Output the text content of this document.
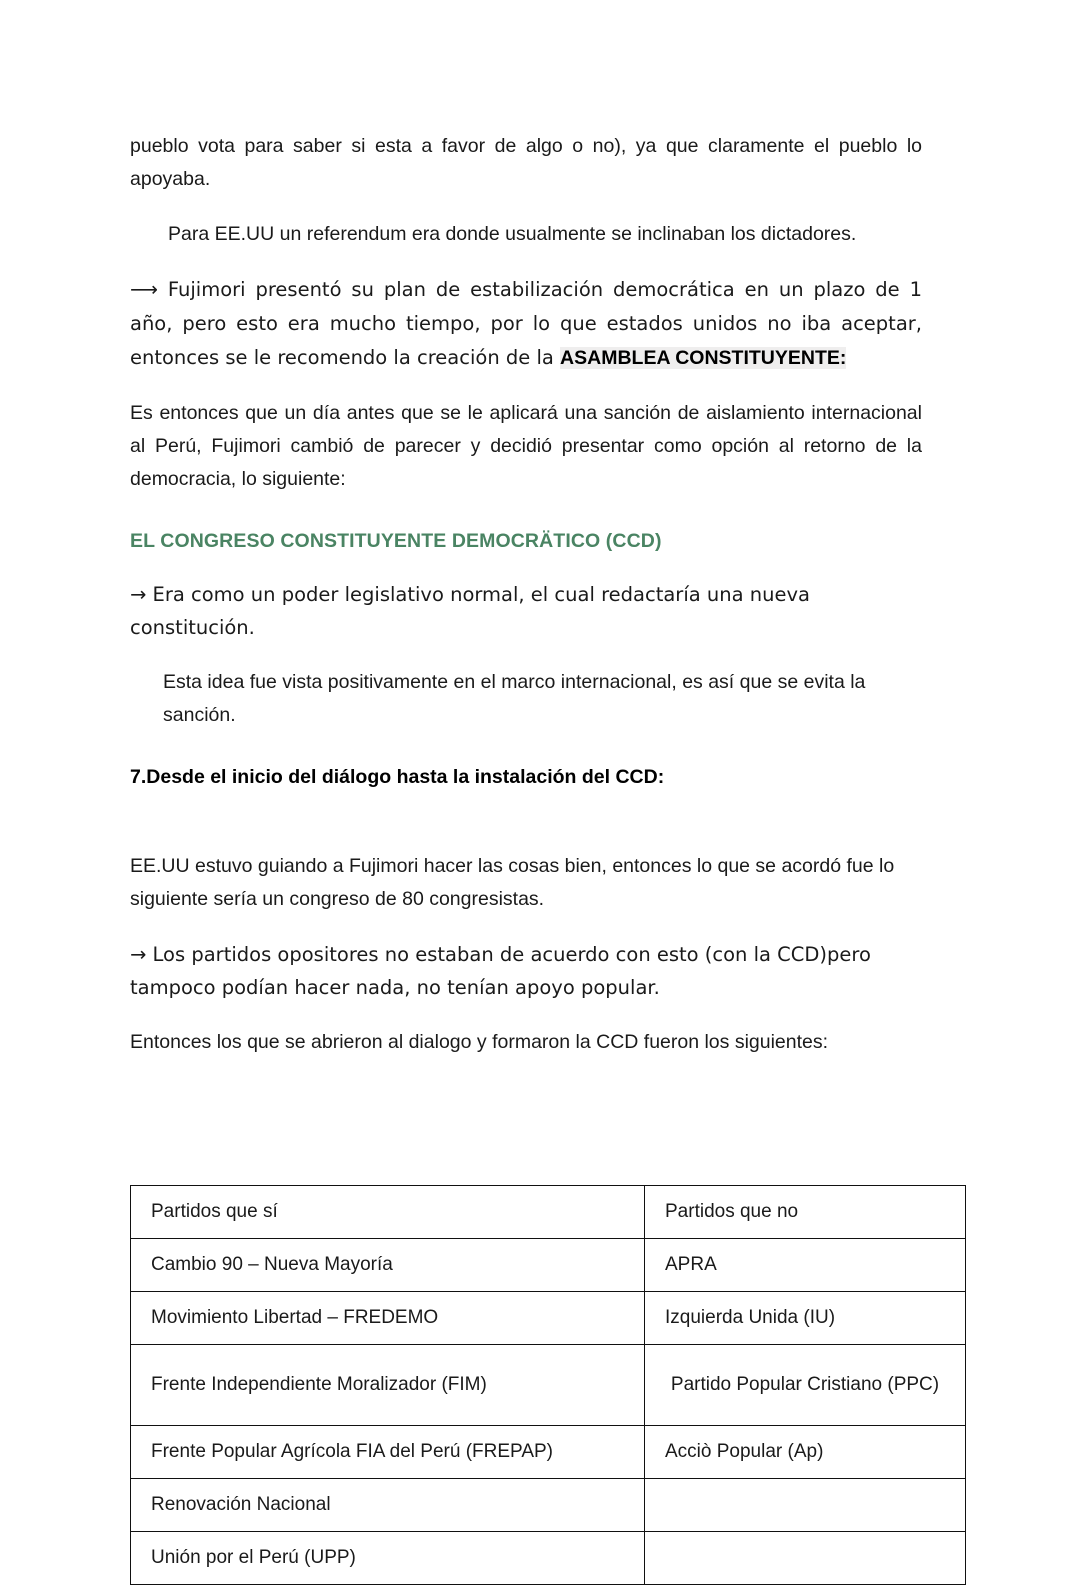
pueblo vota para saber si esta a favor de algo o no), ya que claramente el pueblo lo apoyaba.

Para EE.UU un referendum era donde usualmente se inclinaban los dictadores.

⟶ Fujimori presentó su plan de estabilización democrática en un plazo de 1 año, pero esto era mucho tiempo, por lo que estados unidos no iba aceptar, entonces se le recomendo la creación de la ASAMBLEA CONSTITUYENTE:

Es entonces que un día antes que se le aplicará una sanción de aislamiento internacional al Perú, Fujimori cambió de parecer y decidió presentar como opción al retorno de la democracia, lo siguiente:

EL CONGRESO CONSTITUYENTE DEMOCRÄTICO (CCD)

→ Era como un poder legislativo normal, el cual redactaría una nueva constitución.

Esta idea fue vista positivamente en el marco internacional, es así que se evita la sanción.

7.Desde el inicio del diálogo hasta la instalación del CCD:

EE.UU estuvo guiando a Fujimori hacer las cosas bien, entonces lo que se acordó fue lo siguiente sería un congreso de 80 congresistas.

→ Los partidos opositores no estaban de acuerdo con esto (con la CCD)pero tampoco podían hacer nada, no tenían apoyo popular.

Entonces los que se abrieron al dialogo y formaron la CCD fueron los siguientes:

Partidos que sí	Partidos que no
Cambio 90 – Nueva Mayoría	APRA
Movimiento Libertad – FREDEMO	Izquierda Unida (IU)
Frente Independiente Moralizador (FIM)	Partido Popular Cristiano (PPC)
Frente Popular Agrícola FIA del Perú (FREPAP)	Acciò Popular (Ap)
Renovación Nacional	
Unión por el Perú (UPP)	
